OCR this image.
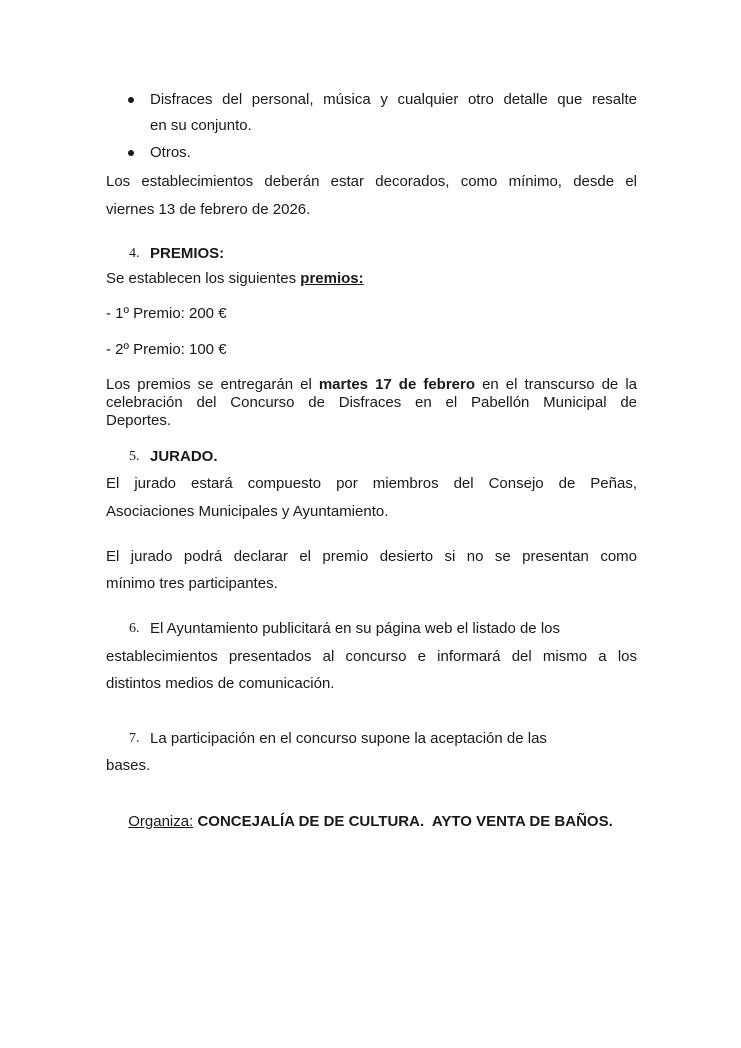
Disfraces del personal, música y cualquier otro detalle que resalte
en su conjunto.
Otros.
Los establecimientos deberán estar decorados, como mínimo, desde el
viernes 13 de febrero de 2026.
4. PREMIOS:
Se establecen los siguientes premios:
- 1º Premio: 200 €
- 2º Premio: 100 €
Los premios se entregarán el martes 17 de febrero en el transcurso de la
celebración del Concurso de Disfraces en el Pabellón Municipal de
Deportes.
5. JURADO.
El jurado estará compuesto por miembros del Consejo de Peñas,
Asociaciones Municipales y Ayuntamiento.
El jurado podrá declarar el premio desierto si no se presentan como
mínimo tres participantes.
6. El Ayuntamiento publicitará en su página web el listado de los
establecimientos presentados al concurso e informará del mismo a los
distintos medios de comunicación.
7. La participación en el concurso supone la aceptación de las
bases.
Organiza: CONCEJALÍA DE DE CULTURA.  AYTO VENTA DE BAÑOS.
